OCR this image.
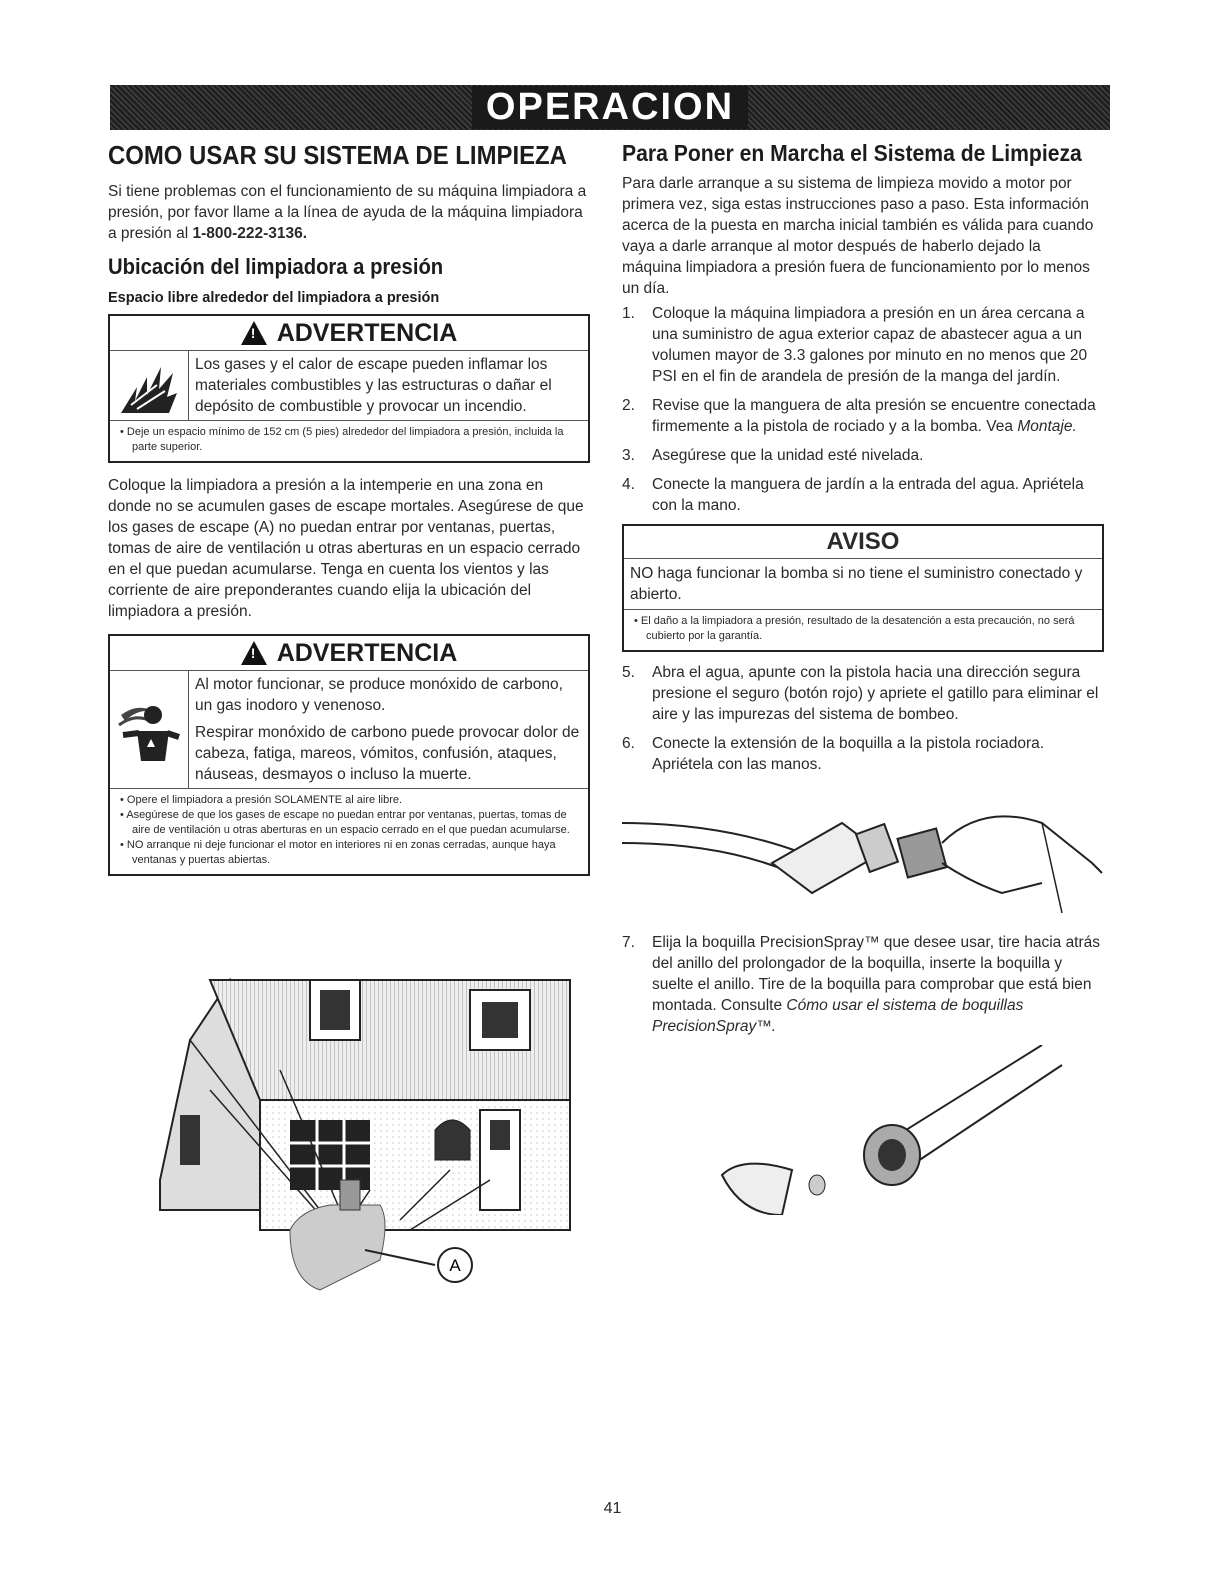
OPERACION
COMO USAR SU SISTEMA DE LIMPIEZA

Si tiene problemas con el funcionamiento de su máquina limpiadora a presión, por favor llame a la línea de ayuda de la máquina limpiadora a presión al 1-800-222-3136.

Ubicación del limpiadora a presión
Espacio libre alrededor del limpiadora a presión
!
ADVERTENCIA
Los gases y el calor de escape pueden inflamar los materiales combustibles y las estructuras o dañar el depósito de combustible y provocar un incendio.
• Deje un espacio mínimo de 152 cm (5 pies) alrededor del limpiadora a presión, incluida la parte superior.

Coloque la limpiadora a presión a la intemperie en una zona en donde no se acumulen gases de escape mortales. Asegúrese de que los gases de escape (A) no puedan entrar por ventanas, puertas, tomas de aire de ventilación u otras aberturas en un espacio cerrado en el que puedan acumularse. Tenga en cuenta los vientos y las corriente de aire preponderantes cuando elija la ubicación del limpiadora a presión.

!
ADVERTENCIA
Al motor funcionar, se produce monóxido de carbono, un gas inodoro y venenoso.
Respirar monóxido de carbono puede provocar dolor de cabeza, fatiga, mareos, vómitos, confusión, ataques, náuseas, desmayos o incluso la muerte.
• Opere el limpiadora a presión SOLAMENTE al aire libre.
• Asegúrese de que los gases de escape no puedan entrar por ventanas, puertas, tomas de aire de ventilación u otras aberturas en un espacio cerrado en el que puedan acumularse.
• NO arranque ni deje funcionar el motor en interiores ni en zonas cerradas, aunque haya ventanas y puertas abiertas.
A
Para Poner en Marcha el Sistema de Limpieza

Para darle arranque a su sistema de limpieza movido a motor por primera vez, siga estas instrucciones paso a paso. Esta información acerca de la puesta en marcha inicial también es válida para cuando vaya a darle arranque al motor después de haberlo dejado la máquina limpiadora a presión fuera de funcionamiento por lo menos un día.

1.	Coloque la máquina limpiadora a presión en un área cercana a una suministro de agua exterior capaz de abastecer agua a un volumen mayor de 3.3 galones por minuto en no menos que 20 PSI en el fin de arandela de presión de la manga del jardín.
2.	Revise que la manguera de alta presión se encuentre conectada firmemente a la pistola de rociado y a la bomba. Vea Montaje.
3.	Asegúrese que la unidad esté nivelada.
4.	Conecte la manguera de jardín a la entrada del agua. Apriétela con la mano.
AVISO
NO haga funcionar la bomba si no tiene el suministro conectado y abierto.
• El daño a la limpiadora a presión, resultado de la desatención a esta precaución, no será cubierto por la garantía.
5.	Abra el agua, apunte con la pistola hacia una dirección segura presione el seguro (botón rojo) y apriete el gatillo para eliminar el aire y las impurezas del sistema de bombeo.
6.	Conecte la extensión de la boquilla a la pistola rociadora. Apriétela con las manos.
7.	Elija la boquilla PrecisionSpray™ que desee usar, tire hacia atrás del anillo del prolongador de la boquilla, inserte la boquilla y suelte el anillo. Tire de la boquilla para comprobar que está bien montada. Consulte Cómo usar el sistema de boquillas PrecisionSpray™.
41
